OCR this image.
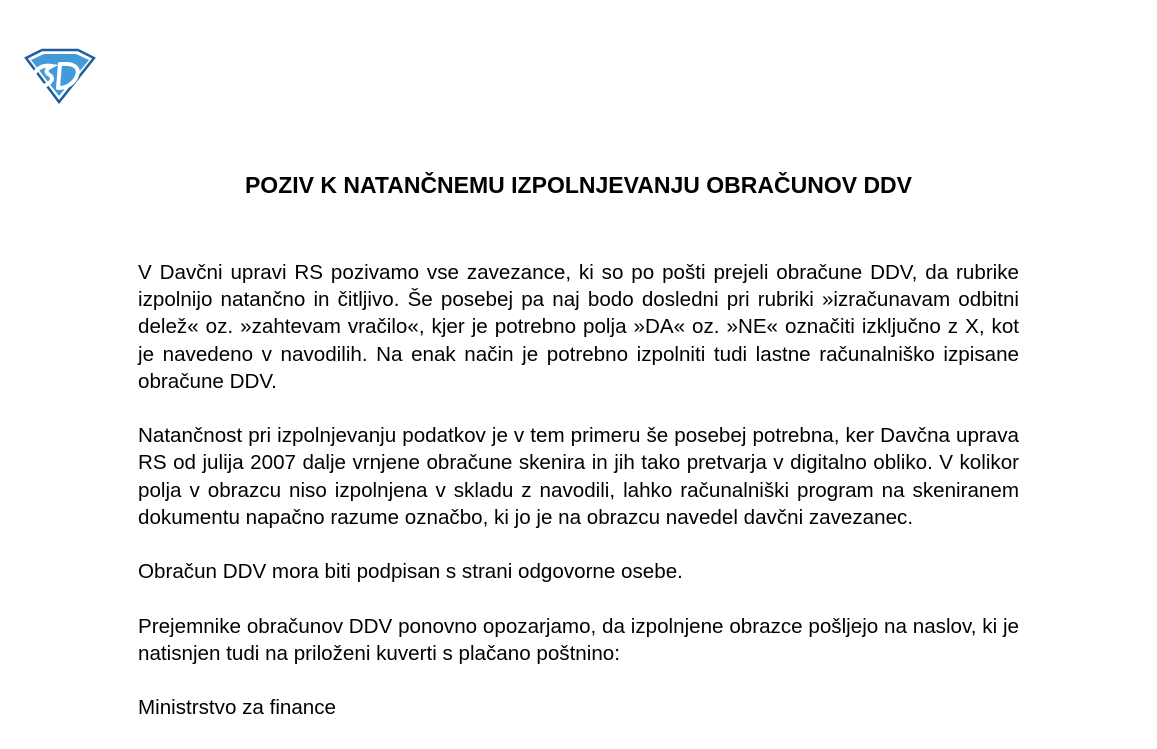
POZIV K NATANČNEMU IZPOLNJEVANJU OBRAČUNOV DDV

V Davčni upravi RS pozivamo vse zavezance, ki so po pošti prejeli obračune DDV, da rubrike izpolnijo natančno in čitljivo. Še posebej pa naj bodo dosledni pri rubriki »izračunavam odbitni delež« oz. »zahtevam vračilo«, kjer je potrebno polja »DA« oz. »NE« označiti izključno z X, kot je navedeno v navodilih. Na enak način je potrebno izpolniti tudi lastne računalniško izpisane obračune DDV.

Natančnost pri izpolnjevanju podatkov je v tem primeru še posebej potrebna, ker Davčna uprava RS od julija 2007 dalje vrnjene obračune skenira in jih tako pretvarja v digitalno obliko. V kolikor polja v obrazcu niso izpolnjena v skladu z navodili, lahko računalniški program na skeniranem dokumentu napačno razume označbo, ki jo je na obrazcu navedel davčni zavezanec.

Obračun DDV mora biti podpisan s strani odgovorne osebe.

Prejemnike obračunov DDV ponovno opozarjamo, da izpolnjene obrazce pošljejo na naslov, ki je natisnjen tudi na priloženi kuverti s plačano poštnino:

Ministrstvo za finance
